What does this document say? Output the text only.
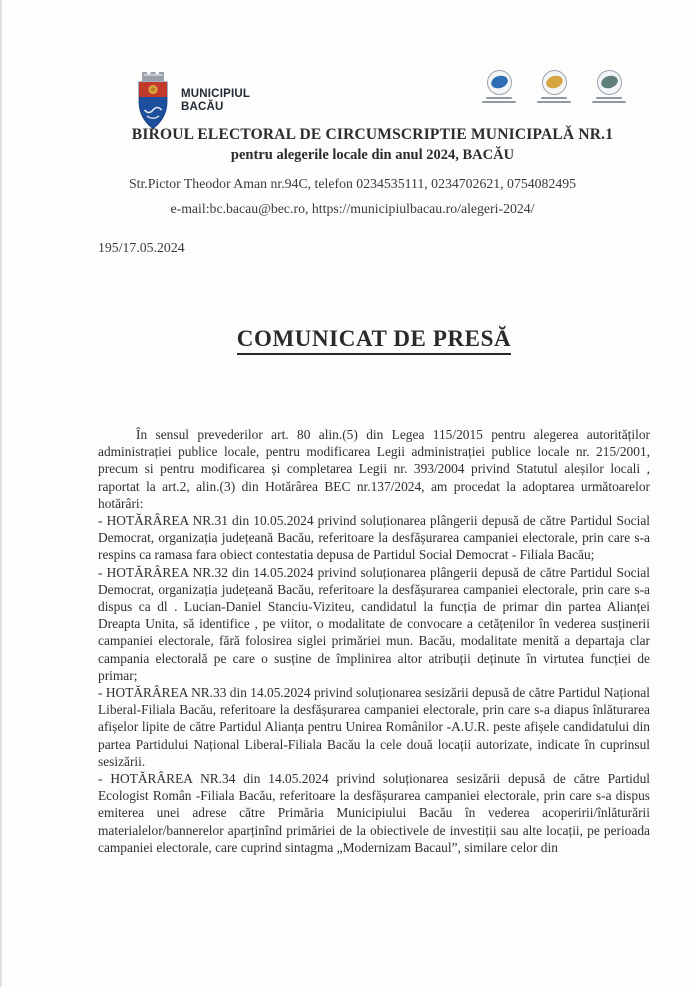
MUNICIPIUL
BACĂU
BIROUL ELECTORAL DE CIRCUMSCRIPTIE MUNICIPALĂ NR.1
pentru alegerile locale din anul 2024, BACĂU
Str.Pictor Theodor Aman nr.94C, telefon 0234535111, 0234702621, 0754082495
e-mail:bc.bacau@bec.ro, https://municipiulbacau.ro/alegeri-2024/
195/17.05.2024
COMUNICAT DE PRESĂ

În sensul prevederilor art. 80 alin.(5) din Legea 115/2015 pentru alegerea autorităților administrației publice locale, pentru modificarea Legii administrației publice locale nr. 215/2001, precum si pentru modificarea și completarea Legii nr. 393/2004 privind Statutul aleșilor locali , raportat la art.2, alin.(3) din Hotărârea BEC nr.137/2024, am procedat la adoptarea următoarelor hotărâri:

- HOTĂRÂREA NR.31 din 10.05.2024 privind soluționarea plângerii depusă de către Partidul Social Democrat, organizația județeană Bacău, referitoare la desfășurarea campaniei electorale, prin care s-a respins ca ramasa fara obiect contestatia depusa de Partidul Social Democrat - Filiala Bacău;

- HOTĂRÂREA NR.32 din 14.05.2024 privind soluționarea plângerii depusă de către Partidul Social Democrat, organizația județeană Bacău, referitoare la desfășurarea campaniei electorale, prin care s-a dispus ca dl . Lucian-Daniel Stanciu-Viziteu, candidatul la funcția de primar din partea Alianței Dreapta Unita, să identifice , pe viitor, o modalitate de convocare a cetățenilor în vederea susținerii campaniei electorale, fără folosirea siglei primăriei mun. Bacău, modalitate menită a departaja clar campania electorală pe care o susține de împlinirea altor atribuții deținute în virtutea funcției de primar;

- HOTĂRÂREA NR.33 din 14.05.2024 privind soluționarea sesizării depusă de către Partidul Național Liberal-Filiala Bacău, referitoare la desfășurarea campaniei electorale, prin care s-a diapus înlăturarea afișelor lipite de către Partidul Alianța pentru Unirea Românilor -A.U.R. peste afișele candidatului din partea Partidului Național Liberal-Filiala Bacău la cele două locații autorizate, indicate în cuprinsul sesizării.

- HOTĂRÂREA NR.34 din 14.05.2024 privind soluționarea sesizării depusă de către Partidul Ecologist Român -Filiala Bacău, referitoare la desfășurarea campaniei electorale, prin care s-a dispus emiterea unei adrese către Primăria Municipiului Bacău în vederea acoperirii/înlăturării materialelor/bannerelor aparținînd primăriei de la obiectivele de investiții sau alte locații, pe perioada campaniei electorale, care cuprind sintagma „Modernizam Bacaul”, similare celor din
